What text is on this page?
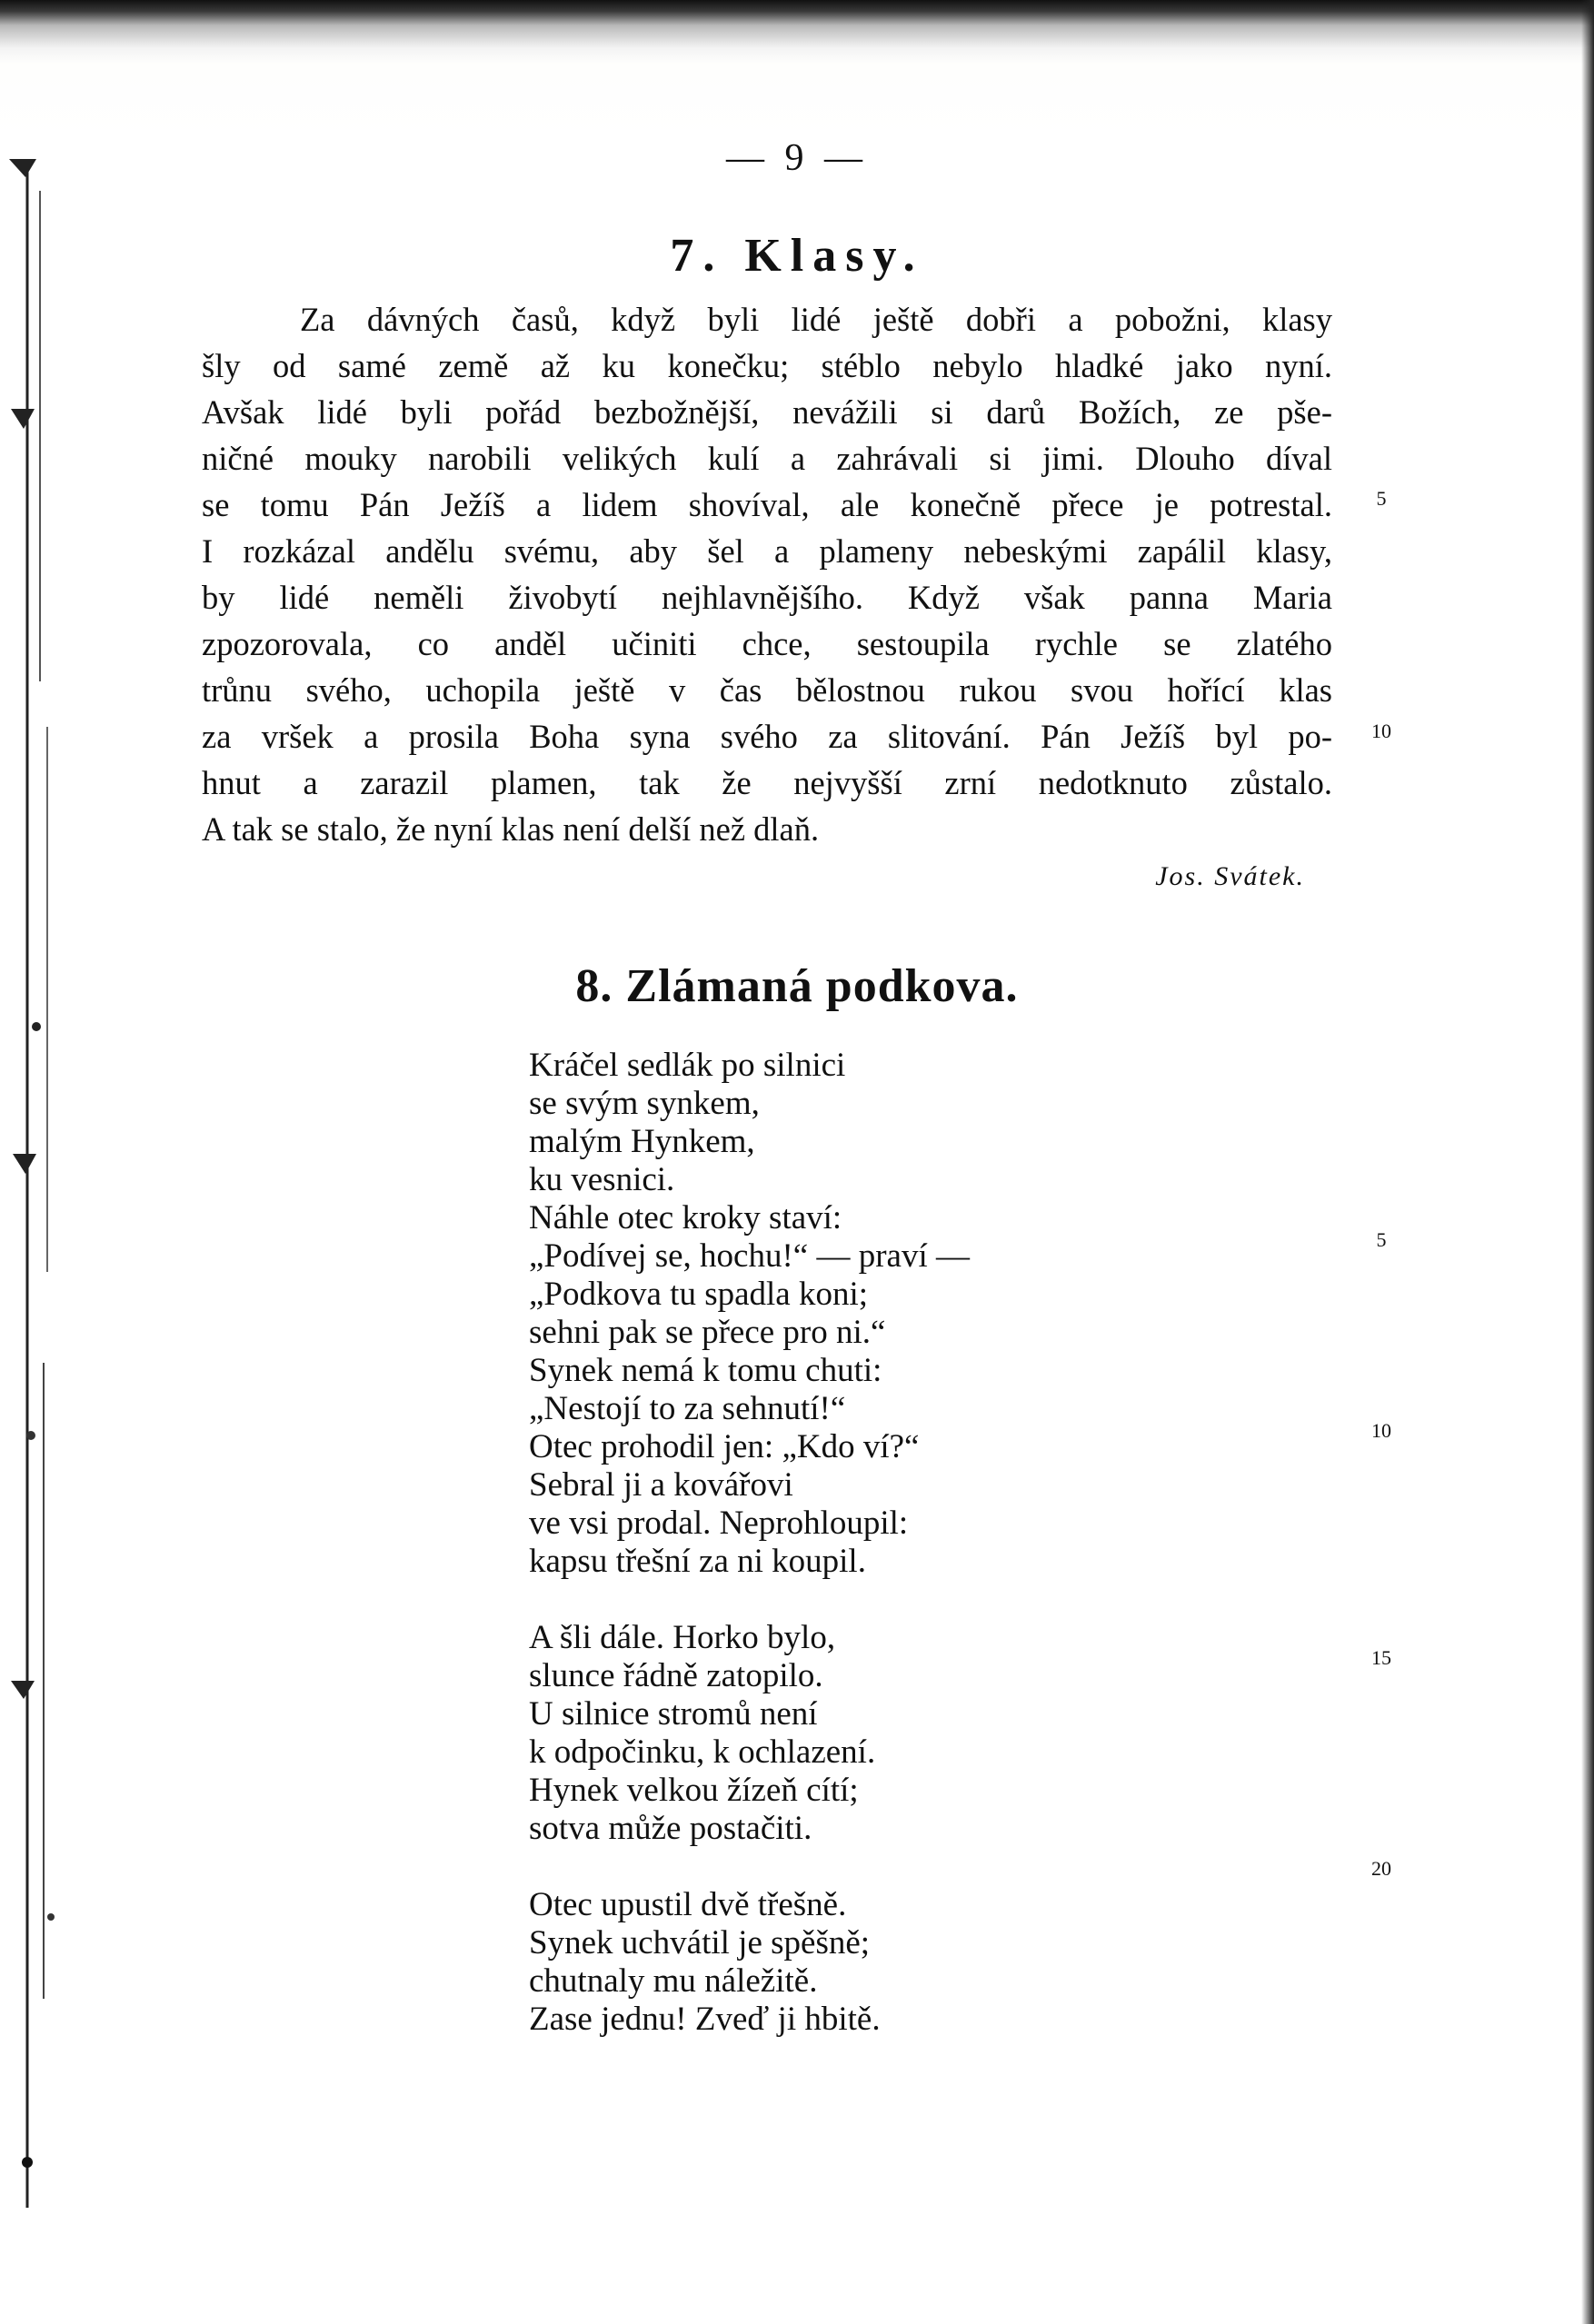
— 9 —
7. Klasy.
Za dávných časů, když byli lidé ještě dobři a pobožni, klasy
šly od samé země až ku konečku; stéblo nebylo hladké jako nyní.
Avšak lidé byli pořád bezbožnější, nevážili si darů Božích, ze pše-
ničné mouky narobili velikých kulí a zahrávali si jimi. Dlouho díval
se tomu Pán Ježíš a lidem shovíval, ale konečně přece je potrestal.
I rozkázal andělu svému, aby šel a plameny nebeskými zapálil klasy,
by lidé neměli živobytí nejhlavnějšího. Když však panna Maria
zpozorovala, co anděl učiniti chce, sestoupila rychle se zlatého
trůnu svého, uchopila ještě v čas bělostnou rukou svou hořící klas
za vršek a prosila Boha syna svého za slitování. Pán Ježíš byl po-
hnut a zarazil plamen, tak že nejvyšší zrní nedotknuto zůstalo.
A tak se stalo, že nyní klas není delší než dlaň.
5
10
Jos. Svátek.
8. Zlámaná podkova.
Kráčel sedlák po silnici
se svým synkem,
malým Hynkem,
ku vesnici.
Náhle otec kroky staví:
„Podívej se, hochu!“ — praví —
„Podkova tu spadla koni;
sehni pak se přece pro ni.“
Synek nemá k tomu chuti:
„Nestojí to za sehnutí!“
Otec prohodil jen: „Kdo ví?“
Sebral ji a kovářovi
ve vsi prodal. Neprohloupil:
kapsu třešní za ni koupil.
A šli dále. Horko bylo,
slunce řádně zatopilo.
U silnice stromů není
k odpočinku, k ochlazení.
Hynek velkou žízeň cítí;
sotva může postačiti.
Otec upustil dvě třešně.
Synek uchvátil je spěšně;
chutnaly mu náležitě.
Zase jednu! Zveď ji hbitě.
5
10
15
20
